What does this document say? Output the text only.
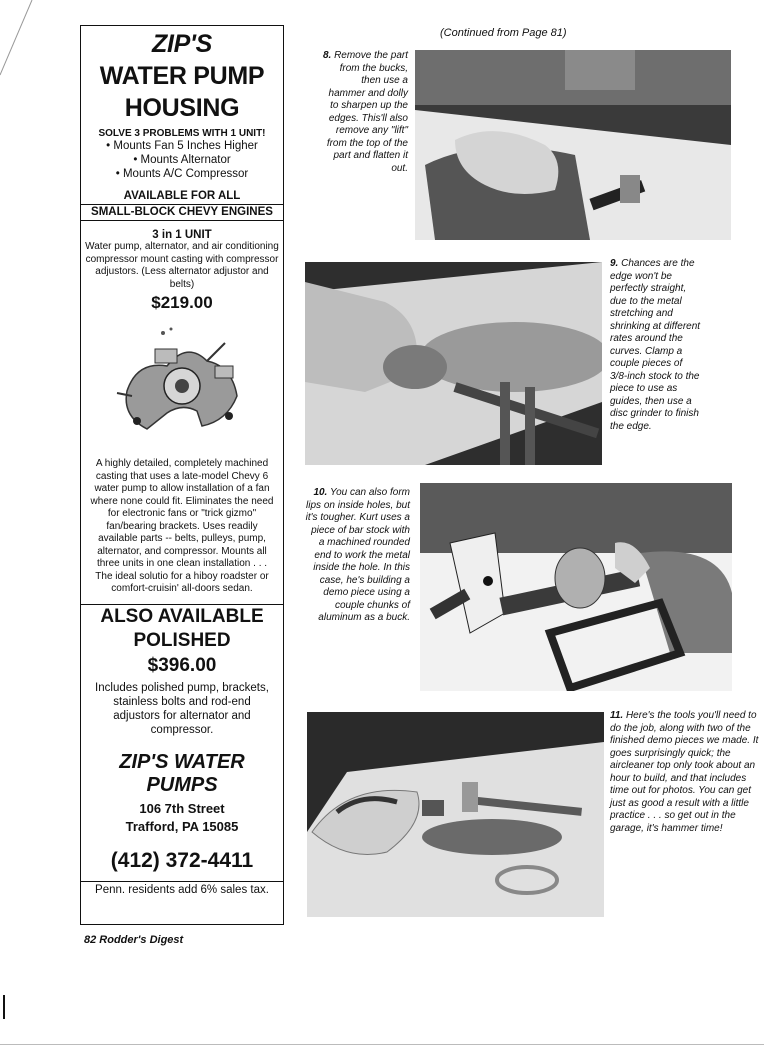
(Continued from Page 81)
ZIP'S
WATER PUMP
HOUSING
SOLVE 3 PROBLEMS WITH 1 UNIT!
• Mounts Fan 5 Inches Higher
• Mounts Alternator
• Mounts A/C Compressor
AVAILABLE FOR ALL
SMALL-BLOCK CHEVY ENGINES
3 in 1 UNIT
Water pump, alternator, and air conditioning compressor mount casting with compressor adjustors. (Less alternator adjustor and belts)
$219.00
A highly detailed, completely machined casting that uses a late-model Chevy 6 water pump to allow installation of a fan where none could fit. Eliminates the need for electronic fans or "trick gizmo" fan/bearing brackets. Uses readily available parts -- belts, pulleys, pump, alternator, and compressor. Mounts all three units in one clean installation . . . The ideal solutio for a hiboy roadster or comfort-cruisin' all-doors sedan.
ALSO AVAILABLE
POLISHED
$396.00
Includes polished pump, brackets, stainless bolts and rod-end adjustors for alternator and compressor.
ZIP'S WATER
PUMPS
106 7th Street
Trafford, PA 15085
(412) 372-4411
Penn. residents add 6% sales tax.
82 Rodder's Digest
8. Remove the part from the bucks, then use a hammer and dolly to sharpen up the edges. This'll also remove any "lift" from the top of the part and flatten it out.
9. Chances are the edge won't be perfectly straight, due to the metal stretching and shrinking at different rates around the curves. Clamp a couple pieces of 3/8-inch stock to the piece to use as guides, then use a disc grinder to finish the edge.
10. You can also form lips on inside holes, but it's tougher. Kurt uses a piece of bar stock with a machined rounded end to work the metal inside the hole. In this case, he's building a demo piece using a couple chunks of aluminum as a buck.
11. Here's the tools you'll need to do the job, along with two of the finished demo pieces we made. It goes surprisingly quick; the aircleaner top only took about an hour to build, and that includes time out for photos. You can get just as good a result with a little practice . . . so get out in the garage, it's hammer time!
